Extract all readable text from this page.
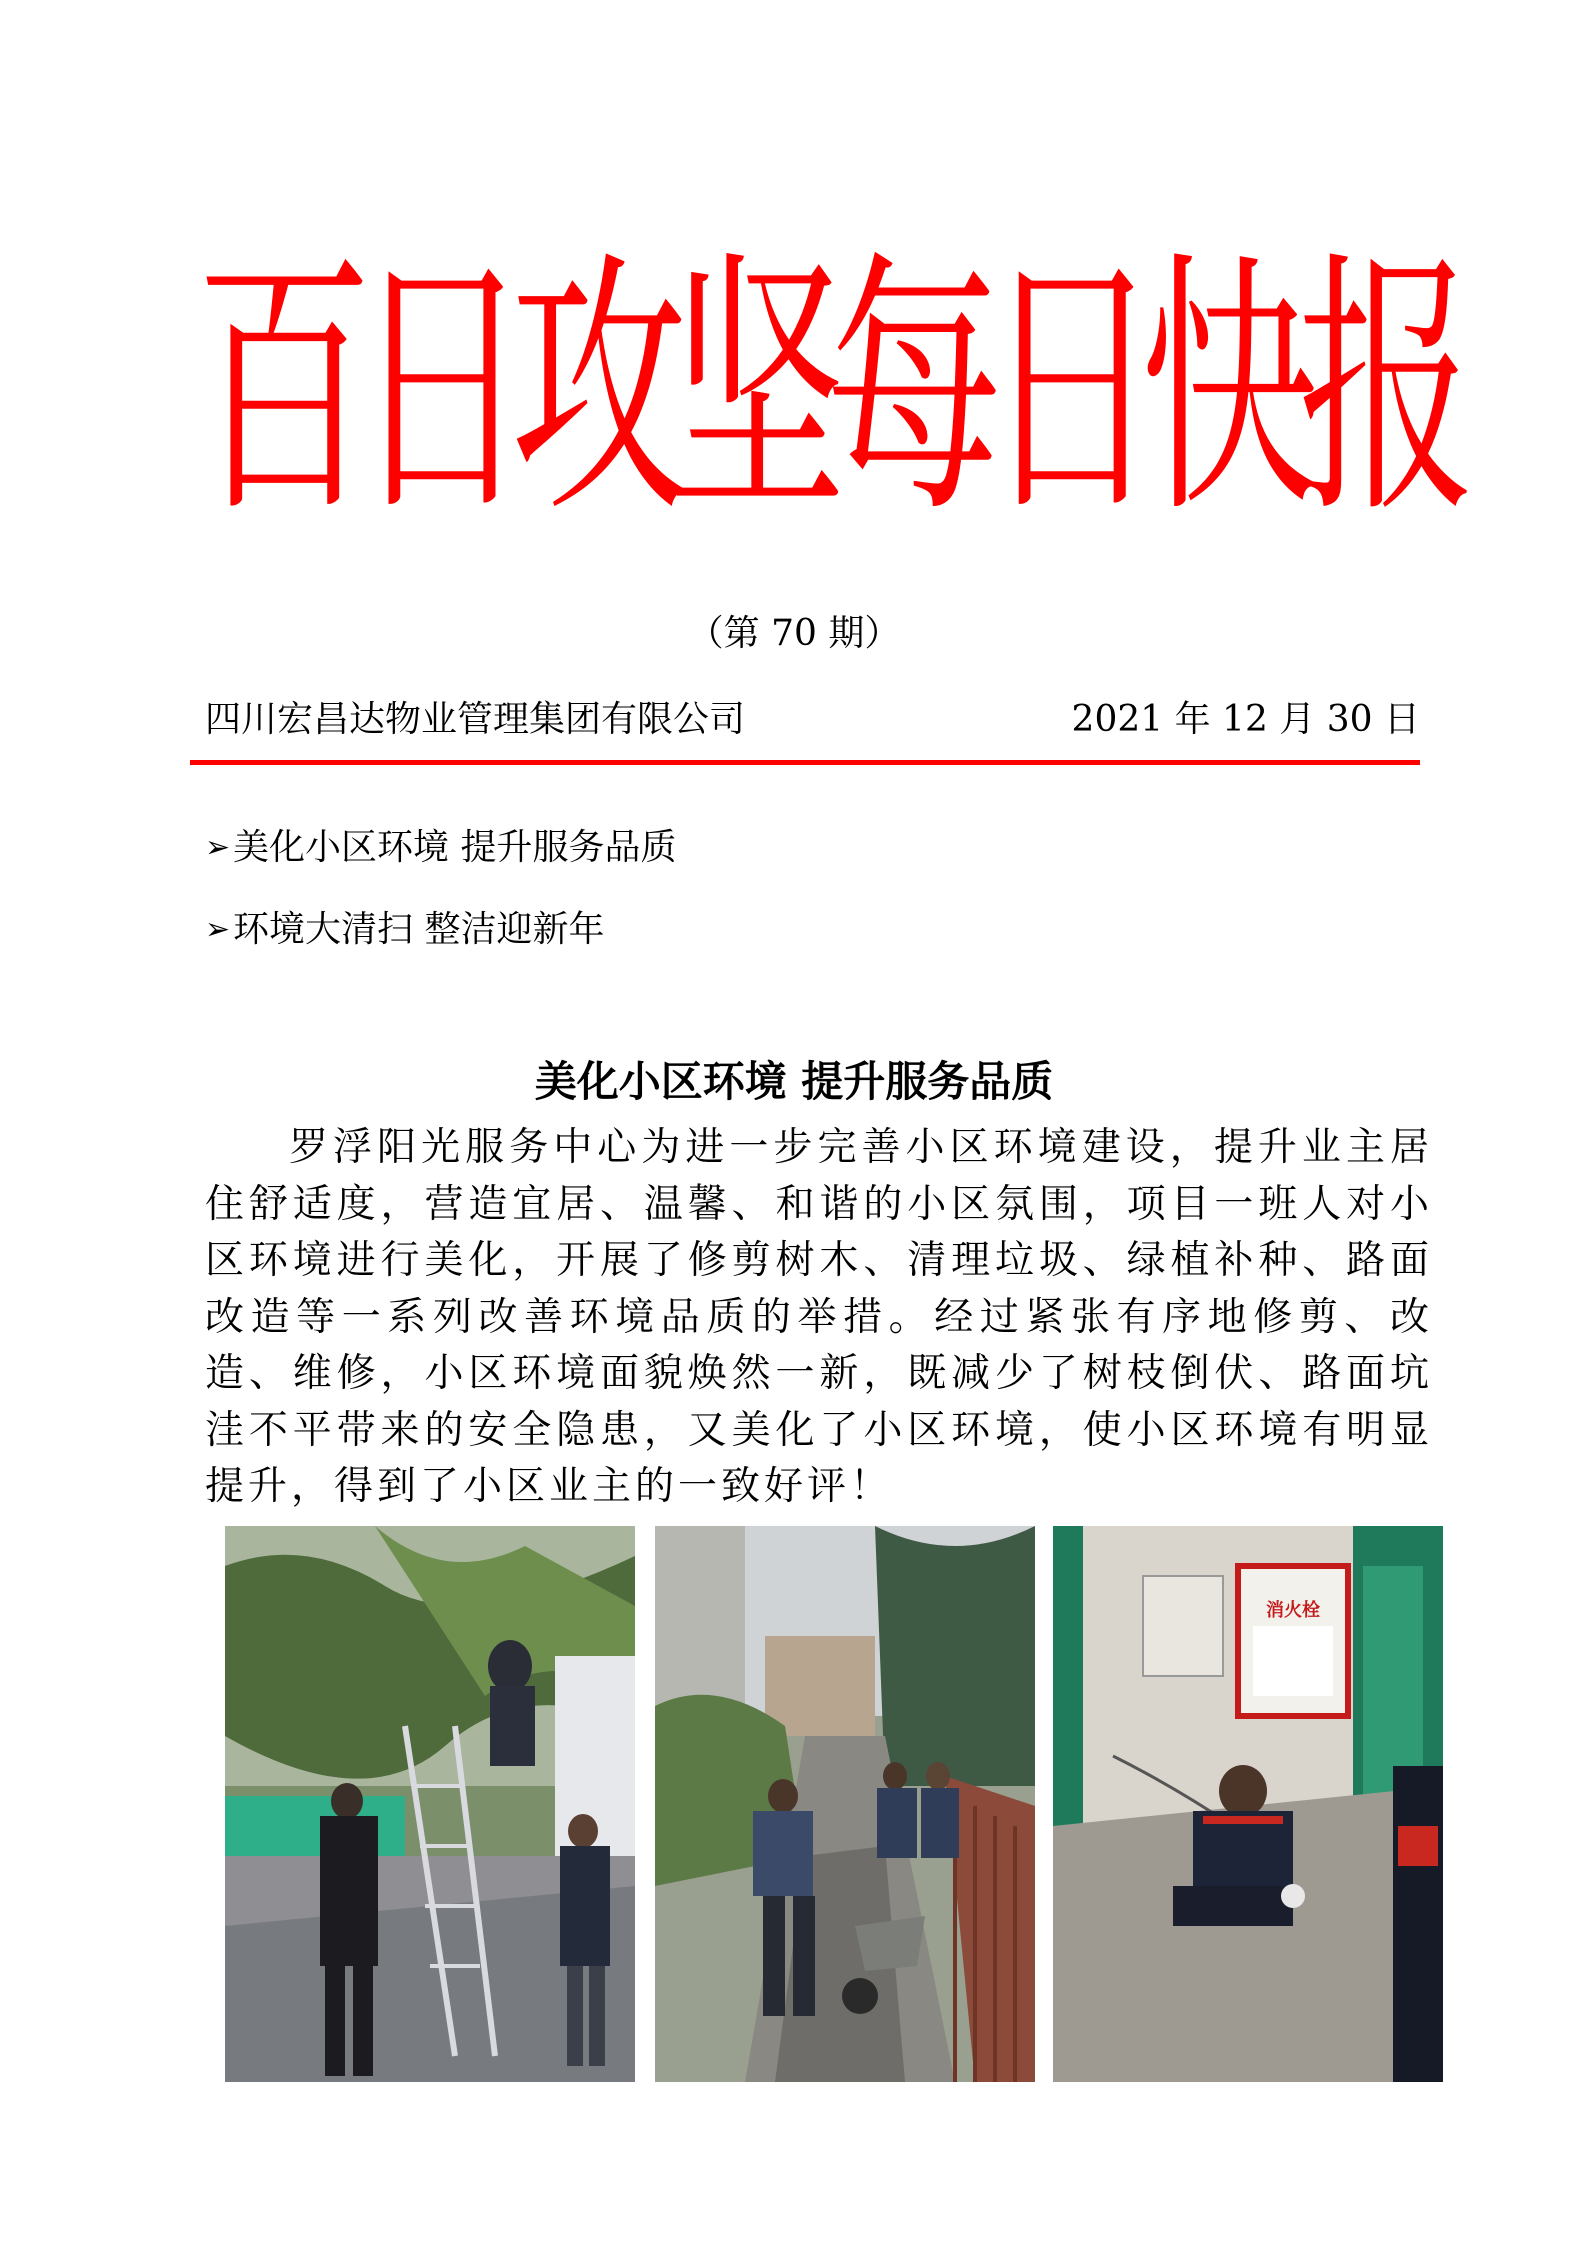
百
日
攻
坚
每
日
快
报
（第 70 期）
四川宏昌达物业管理集团有限公司	2021 年 12 月 30 日
➢ 美化小区环境 提升服务品质
➢ 环境大清扫 整洁迎新年
美化小区环境 提升服务品质
罗浮阳光服务中心为进一步完善小区环境建设，提升业主居住舒适度，营造宜居、温馨、和谐的小区氛围，项目一班人对小区环境进行美化，开展了修剪树木、清理垃圾、绿植补种、路面改造等一系列改善环境品质的举措。经过紧张有序地修剪、改造、维修，小区环境面貌焕然一新，既减少了树枝倒伏、路面坑洼不平带来的安全隐患，又美化了小区环境，使小区环境有明显提升，得到了小区业主的一致好评！
消火栓
